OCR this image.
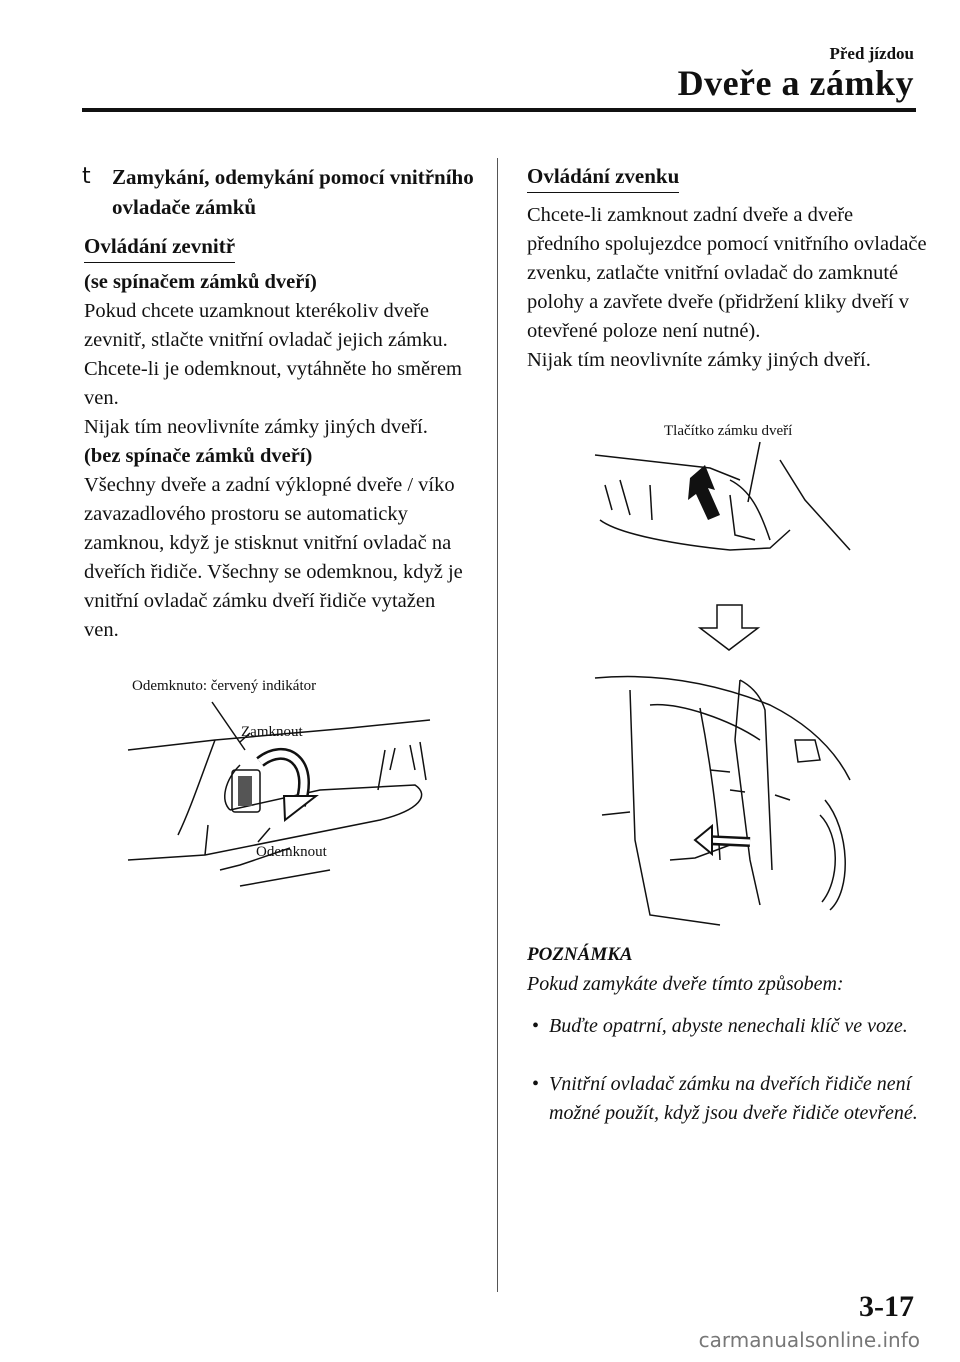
Před jízdou
Dveře a zámky
t Zamykání, odemykání pomocí vnitřního ovladače zámků
Ovládání zevnitř

(se spínačem zámků dveří)

Pokud chcete uzamknout kterékoliv dveře zevnitř, stlačte vnitřní ovladač jejich zámku.

Chcete-li je odemknout, vytáhněte ho směrem ven.

Nijak tím neovlivníte zámky jiných dveří.

(bez spínače zámků dveří)

Všechny dveře a zadní výklopné dveře / víko zavazadlového prostoru se automaticky zamknou, když je stisknut vnitřní ovladač na dveřích řidiče. Všechny se odemknou, když je vnitřní ovladač zámku dveří řidiče vytažen ven.

Odemknuto: červený indikátor
Zamknout
Odemknout
Ovládání zvenku

Chcete-li zamknout zadní dveře a dveře předního spolujezdce pomocí vnitřního ovladače zvenku, zatlačte vnitřní ovladač do zamknuté polohy a zavřete dveře (přidržení kliky dveří v otevřené poloze není nutné).

Nijak tím neovlivníte zámky jiných dveří.

Tlačítko zámku dveří
POZNÁMKA
Pokud zamykáte dveře tímto způsobem:
• Buďte opatrní, abyste nenechali klíč ve voze.
• Vnitřní ovladač zámku na dveřích řidiče není možné použít, když jsou dveře řidiče otevřené.
3-17
carmanualsonline.info
